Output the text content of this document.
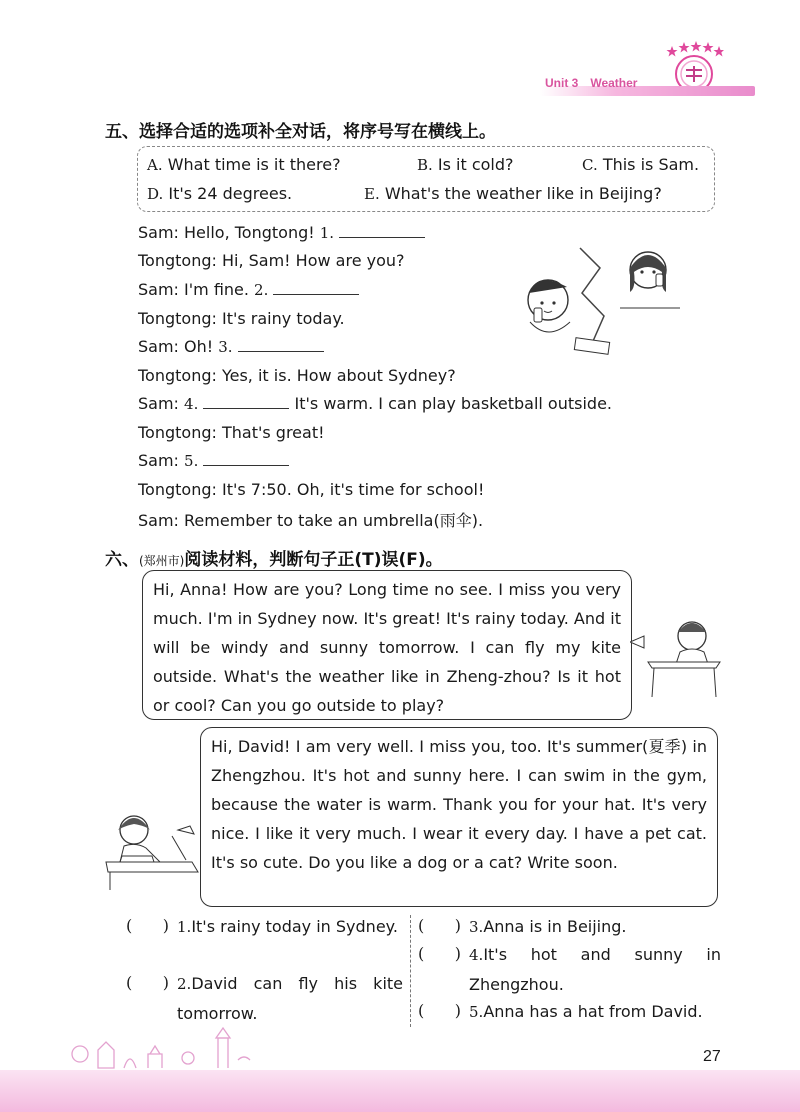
Unit 3 Weather
五、选择合适的选项补全对话，将序号写在横线上。
A. What time is it there?	B. Is it cold?	C. This is Sam.
D. It's 24 degrees.	E. What's the weather like in Beijing?
Sam: Hello, Tongtong! 1.
Tongtong: Hi, Sam! How are you?
Sam: I'm fine. 2.
Tongtong: It's rainy today.
Sam: Oh! 3.
Tongtong: Yes, it is. How about Sydney?
Sam: 4.	It's warm. I can play basketball outside.
Tongtong: That's great!
Sam: 5.
Tongtong: It's 7:50. Oh, it's time for school!
Sam: Remember to take an umbrella(雨伞).
六、(郑州市)阅读材料，判断句子正(T)误(F)。
Hi, Anna! How are you? Long time no see. I miss you very much. I'm in Sydney now. It's great! It's rainy today. And it will be windy and sunny tomorrow. I can fly my kite outside. What's the weather like in Zheng-zhou? Is it hot or cool? Can you go outside to play?
Hi, David! I am very well. I miss you, too. It's summer(夏季) in Zhengzhou. It's hot and sunny here. I can swim in the gym, because the water is warm. Thank you for your hat. It's very nice. I like it very much. I wear it every day. I have a pet cat. It's so cute. Do you like a dog or a cat? Write soon.
(      ) 1.It's rainy today in Sydney.
(      ) 2.David can fly his kite tomorrow.
(      ) 3.Anna is in Beijing.
(      ) 4.It's hot and sunny in Zhengzhou.
(      ) 5.Anna has a hat from David.
27
